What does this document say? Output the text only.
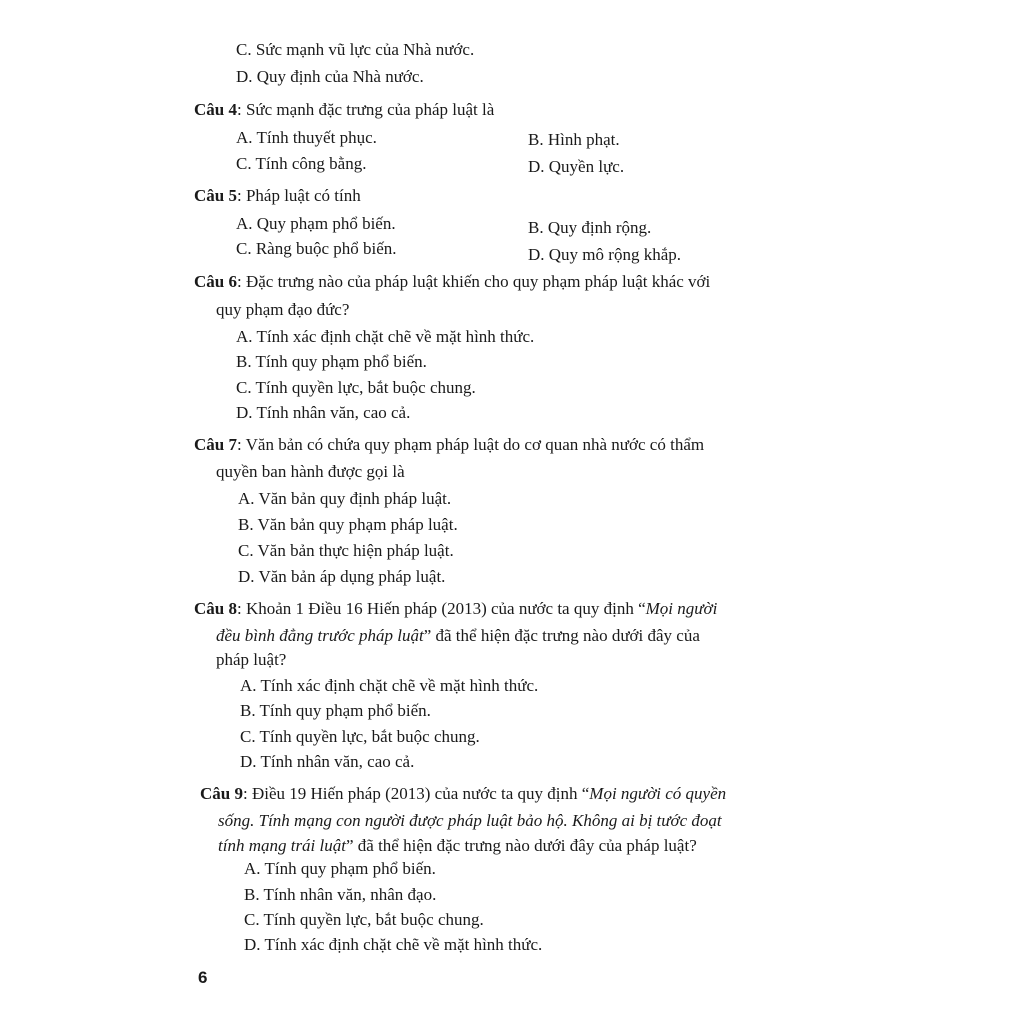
C. Sức mạnh vũ lực của Nhà nước.
D. Quy định của Nhà nước.
Câu 4: Sức mạnh đặc trưng của pháp luật là
A. Tính thuyết phục.	B. Hình phạt.
C. Tính công bằng.	D. Quyền lực.
Câu 5: Pháp luật có tính
A. Quy phạm phổ biến.	B. Quy định rộng.
C. Ràng buộc phổ biến.	D. Quy mô rộng khắp.
Câu 6: Đặc trưng nào của pháp luật khiến cho quy phạm pháp luật khác với
quy phạm đạo đức?
A. Tính xác định chặt chẽ về mặt hình thức.
B. Tính quy phạm phổ biến.
C. Tính quyền lực, bắt buộc chung.
D. Tính nhân văn, cao cả.
Câu 7: Văn bản có chứa quy phạm pháp luật do cơ quan nhà nước có thẩm
quyền ban hành được gọi là
A. Văn bản quy định pháp luật.
B. Văn bản quy phạm pháp luật.
C. Văn bản thực hiện pháp luật.
D. Văn bản áp dụng pháp luật.
Câu 8: Khoản 1 Điều 16 Hiến pháp (2013) của nước ta quy định “Mọi người
đều bình đẳng trước pháp luật” đã thể hiện đặc trưng nào dưới đây của
pháp luật?
A. Tính xác định chặt chẽ về mặt hình thức.
B. Tính quy phạm phổ biến.
C. Tính quyền lực, bắt buộc chung.
D. Tính nhân văn, cao cả.
Câu 9: Điều 19 Hiến pháp (2013) của nước ta quy định “Mọi người có quyền
sống. Tính mạng con người được pháp luật bảo hộ. Không ai bị tước đoạt
tính mạng trái luật” đã thể hiện đặc trưng nào dưới đây của pháp luật?
A. Tính quy phạm phổ biến.
B. Tính nhân văn, nhân đạo.
C. Tính quyền lực, bắt buộc chung.
D. Tính xác định chặt chẽ về mặt hình thức.
6
